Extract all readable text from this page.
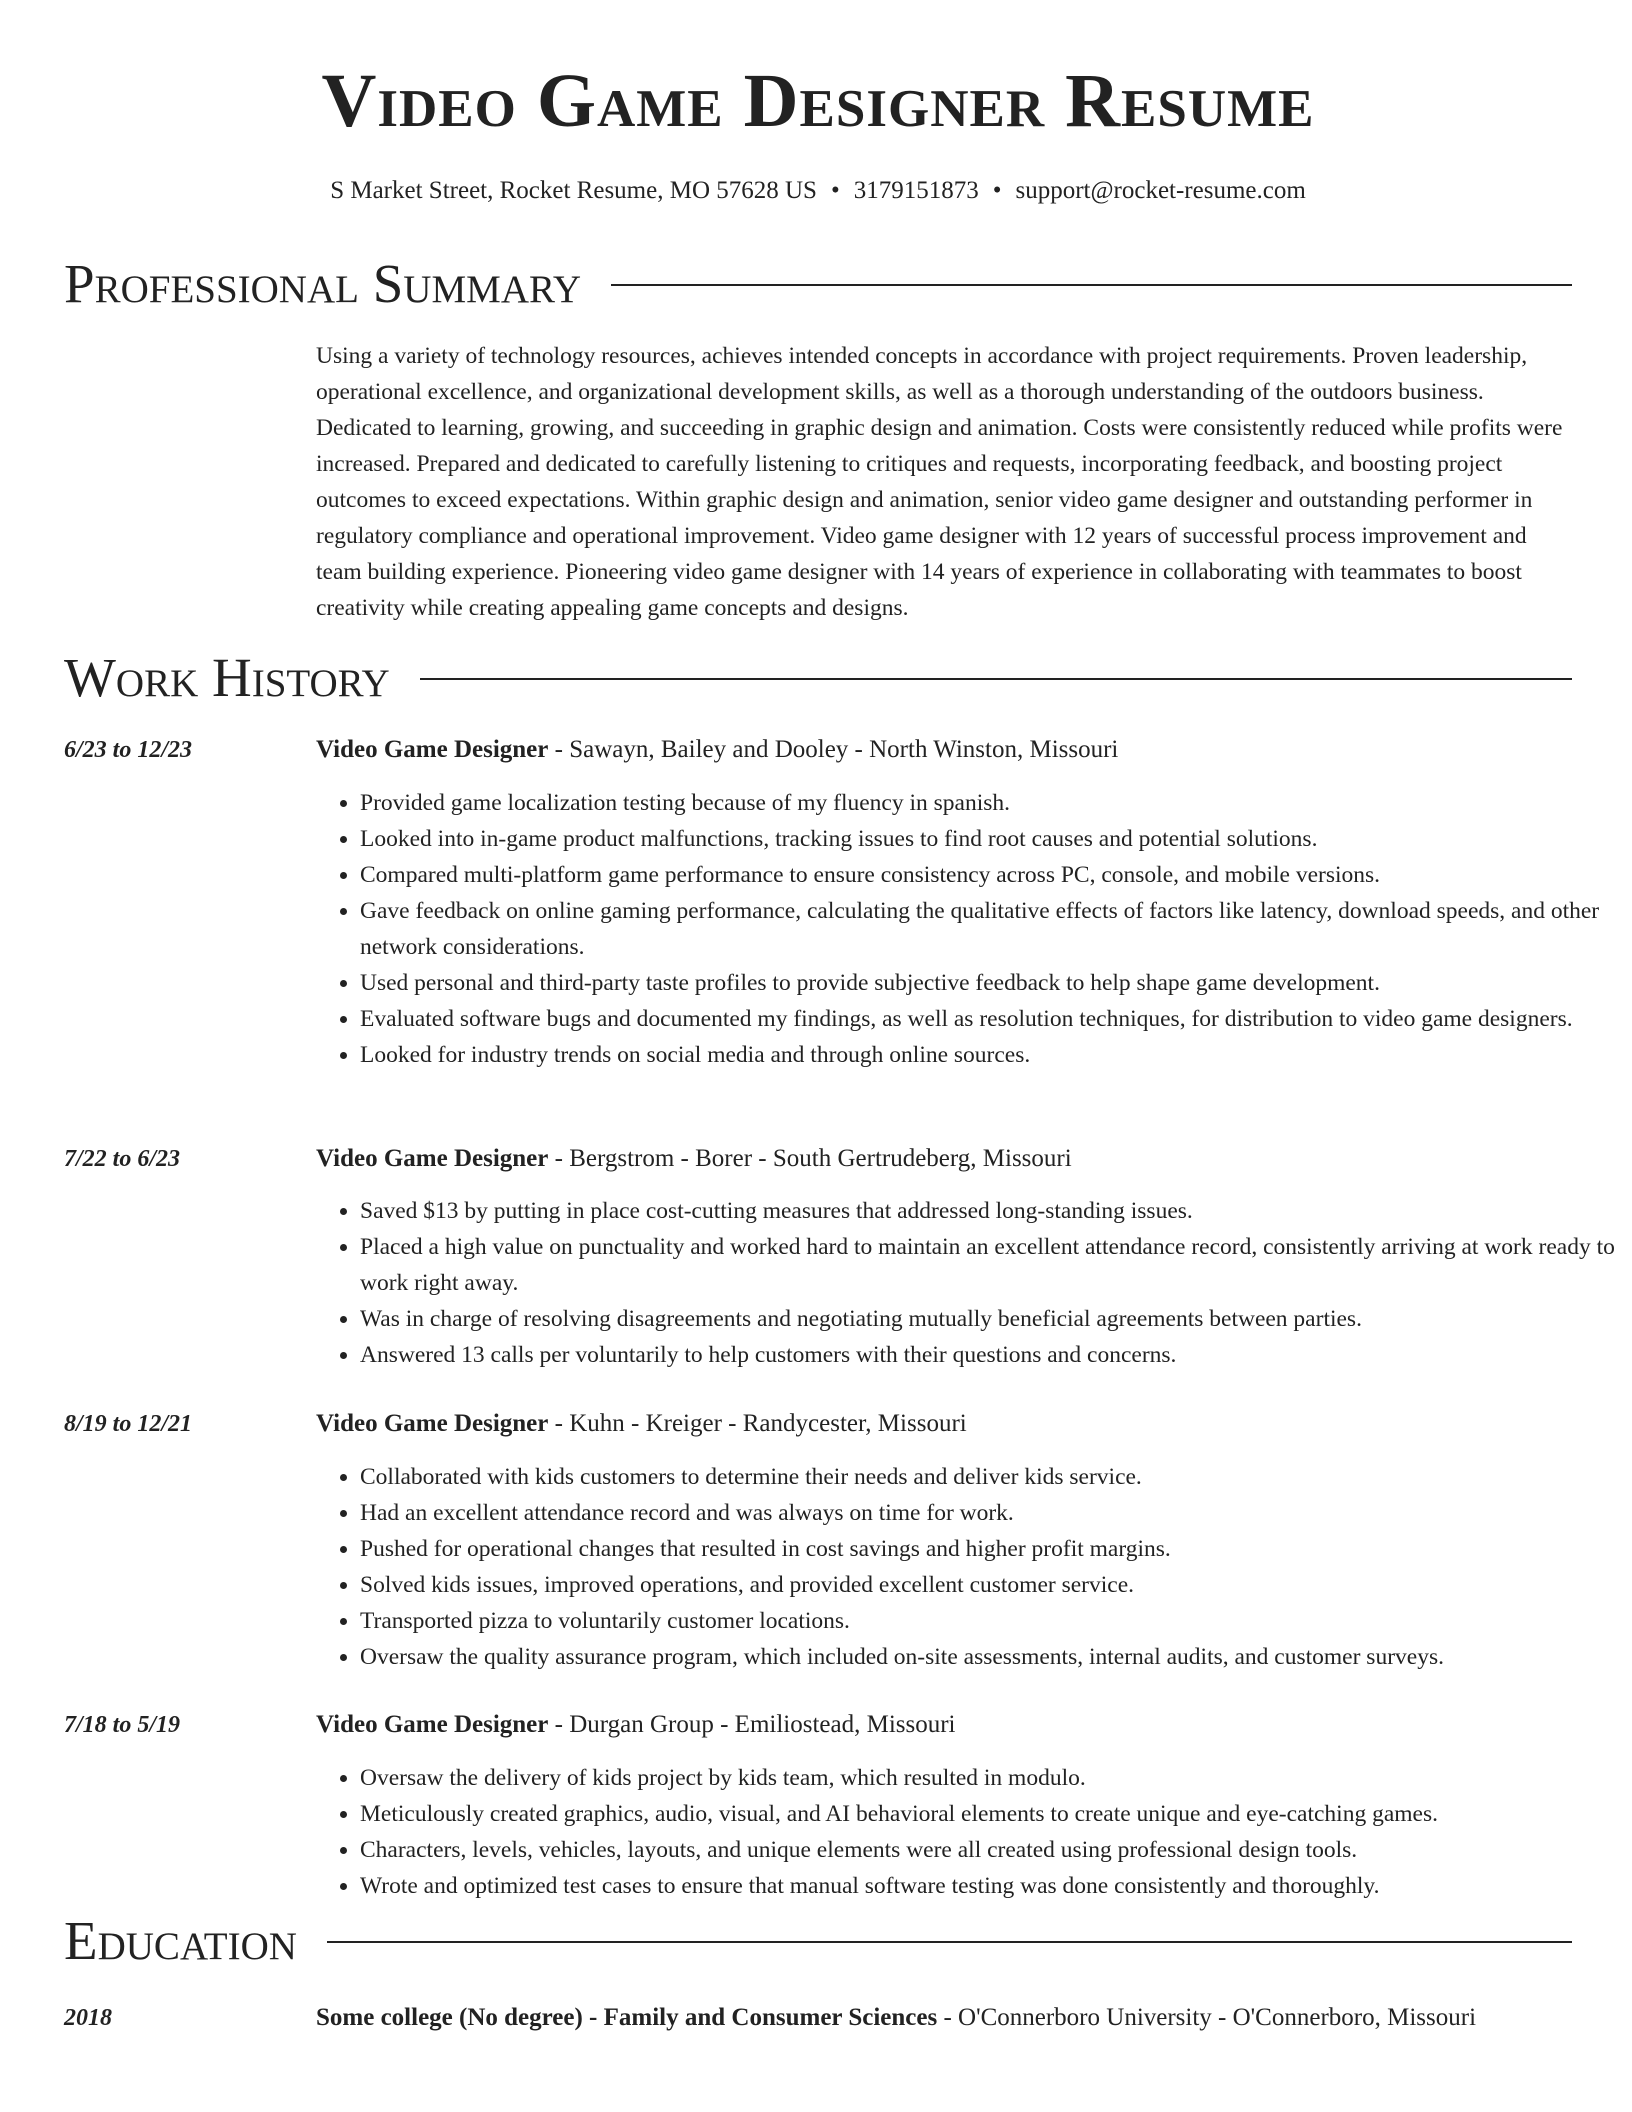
Video Game Designer Resume
S Market Street, Rocket Resume, MO 57628 US • 3179151873 • support@rocket-resume.com
Professional Summary

Using a variety of technology resources, achieves intended concepts in accordance with project requirements. Proven leadership, operational excellence, and organizational development skills, as well as a thorough understanding of the outdoors business. Dedicated to learning, growing, and succeeding in graphic design and animation. Costs were consistently reduced while profits were increased. Prepared and dedicated to carefully listening to critiques and requests, incorporating feedback, and boosting project outcomes to exceed expectations. Within graphic design and animation, senior video game designer and outstanding performer in regulatory compliance and operational improvement. Video game designer with 12 years of successful process improvement and team building experience. Pioneering video game designer with 14 years of experience in collaborating with teammates to boost creativity while creating appealing game concepts and designs.

Work History
6/23 to 12/23	Video Game Designer - Sawayn, Bailey and Dooley - North Winston, Missouri
• Provided game localization testing because of my fluency in spanish.
• Looked into in-game product malfunctions, tracking issues to find root causes and potential solutions.
• Compared multi-platform game performance to ensure consistency across PC, console, and mobile versions.
• Gave feedback on online gaming performance, calculating the qualitative effects of factors like latency, download speeds, and other network considerations.
• Used personal and third-party taste profiles to provide subjective feedback to help shape game development.
• Evaluated software bugs and documented my findings, as well as resolution techniques, for distribution to video game designers.
• Looked for industry trends on social media and through online sources.
7/22 to 6/23	Video Game Designer - Bergstrom - Borer - South Gertrudeberg, Missouri
• Saved $13 by putting in place cost-cutting measures that addressed long-standing issues.
• Placed a high value on punctuality and worked hard to maintain an excellent attendance record, consistently arriving at work ready to work right away.
• Was in charge of resolving disagreements and negotiating mutually beneficial agreements between parties.
• Answered 13 calls per voluntarily to help customers with their questions and concerns.
8/19 to 12/21	Video Game Designer - Kuhn - Kreiger - Randycester, Missouri
• Collaborated with kids customers to determine their needs and deliver kids service.
• Had an excellent attendance record and was always on time for work.
• Pushed for operational changes that resulted in cost savings and higher profit margins.
• Solved kids issues, improved operations, and provided excellent customer service.
• Transported pizza to voluntarily customer locations.
• Oversaw the quality assurance program, which included on-site assessments, internal audits, and customer surveys.
7/18 to 5/19	Video Game Designer - Durgan Group - Emiliostead, Missouri
• Oversaw the delivery of kids project by kids team, which resulted in modulo.
• Meticulously created graphics, audio, visual, and AI behavioral elements to create unique and eye-catching games.
• Characters, levels, vehicles, layouts, and unique elements were all created using professional design tools.
• Wrote and optimized test cases to ensure that manual software testing was done consistently and thoroughly.
Education
2018	Some college (No degree) - Family and Consumer Sciences - O'Connerboro University - O'Connerboro, Missouri
